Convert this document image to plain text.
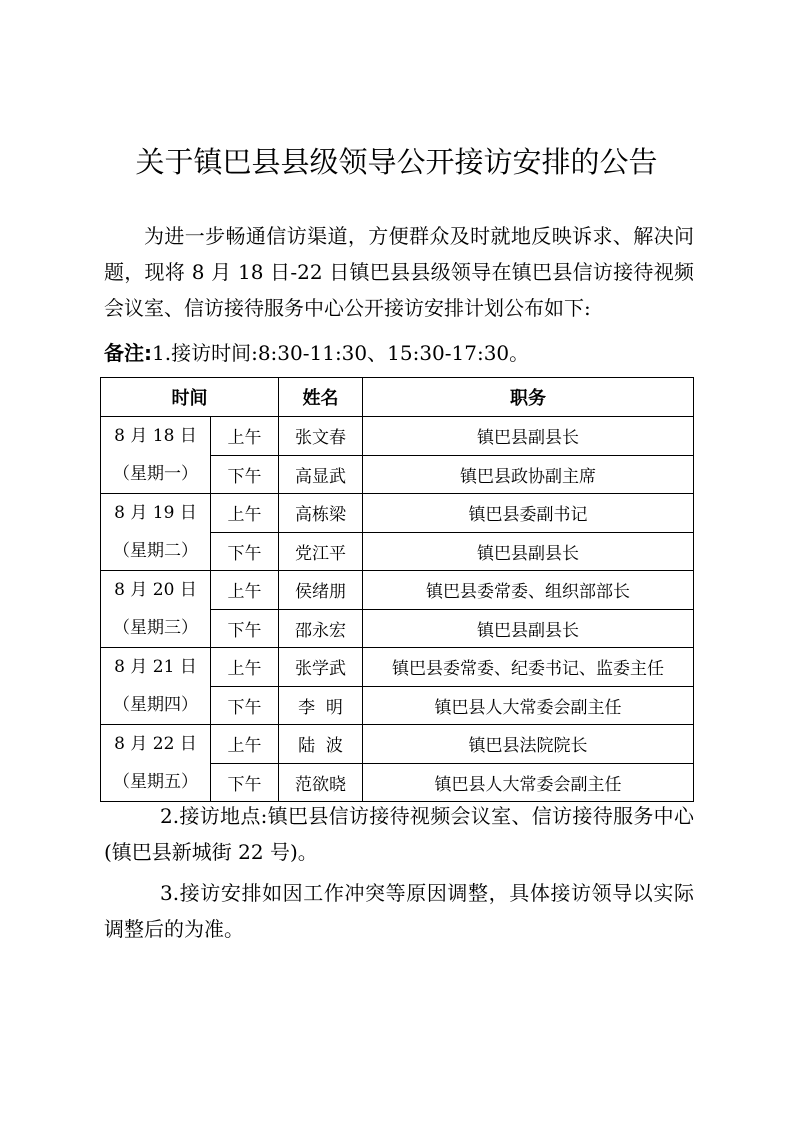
关于镇巴县县级领导公开接访安排的公告
为进一步畅通信访渠道，方便群众及时就地反映诉求、解决问题，现将 8 月 18 日-22 日镇巴县县级领导在镇巴县信访接待视频会议室、信访接待服务中心公开接访安排计划公布如下:
备注:1.接访时间:8:30-11:30、15:30-17:30。
时间		姓名	职务

8 月 18 日
（星期一）	上午	张文春	镇巴县副县长
	下午	高显武	镇巴县政协副主席

8 月 19 日
（星期二）	上午	高栋梁	镇巴县委副书记
	下午	党江平	镇巴县副县长

8 月 20 日
（星期三）	上午	侯绪朋	镇巴县委常委、组织部部长
	下午	邵永宏	镇巴县副县长

8 月 21 日
（星期四）	上午	张学武	镇巴县委常委、纪委书记、监委主任
	下午	李  明	镇巴县人大常委会副主任

8 月 22 日
（星期五）	上午	陆  波	镇巴县法院院长
	下午	范欲晓	镇巴县人大常委会副主任
2.接访地点:镇巴县信访接待视频会议室、信访接待服务中心(镇巴县新城街 22 号)。
3.接访安排如因工作冲突等原因调整，具体接访领导以实际调整后的为准。
